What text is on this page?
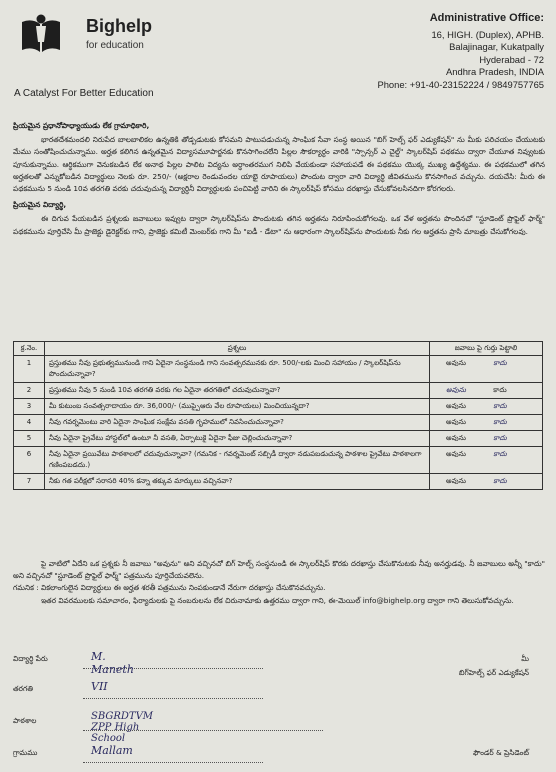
Bighelp
for education
A Catalyst For Better Education
Administrative Office:
16, HIGH. (Duplex), APHB.
Balajinagar, Kukatpally
Hyderabad - 72
Andhra Pradesh, INDIA
Phone: +91-40-23152224 / 9849757765

ప్రియమైన ప్రధానోపాధ్యాయుడు లేక గ్రామాధికారి,

భారతదేశమందలి నిరుపేద బాలబాలికల ఉన్నతికి తోడ్పడుటకు కోసమని పాటుపడుచున్న సాంఘిక సేవా సంస్థ అయిన "బిగ్ హెల్ప్ ఫర్ ఎడ్యుకేషన్" ను మీకు పరిచయం చేయుటకు మేము సంతోషించుచున్నాము. అర్హత కలిగిన ఉన్నతమైన విద్యాసమూపార్జనకు కొనసాగించలేని పిల్లల సౌకర్యార్థం వారికి "స్పాన్సర్ ఎ చైల్డ్" స్కాలర్‌షిప్ పథకము ద్వారా చేయూత నివ్వుటకు పూనుకున్నాము. ఆర్థికముగా వెనుకబడిన లేక అనాథ పిల్లల పాలిట విద్యను అర్థాంతరముగ నిలిపి వేయకుండా సహాయపడే ఈ పథకము యొక్క ముఖ్య ఉద్దేశ్యము. ఈ పథకములో తగిన అర్హతలతో ఎన్నుకోబడిన విద్యార్థులు నెలకు రూ. 250/- (అక్షరాల రెండువందల యాభై రూపాయలు) పొందుట ద్వారా వారి విద్యార్థి జీవితమును కొనసాగించ వచ్చును. దయచేసి: మీరు ఈ పథకమును 5 నుండి 10వ తరగతి వరకు చదువుచున్న విద్యార్థినీ విద్యార్థులకు పంచిపెట్టి వారిని ఈ స్కాలర్‌షిప్ కోసము దరఖాస్తు చేసుకోవలసినదిగా కోరగలరు.

ప్రియమైన విద్యార్థి,

ఈ దిగువ పేయబడిన ప్రశ్నలకు జవాబులు ఇవ్వుట ద్వారా స్కాలర్‌షిప్‌ను పొందుటకు తగిన అర్హతను నిరూపించుకోగలవు. ఒక వేళ అర్హతను పొందినచో "స్టూడెంట్ ప్రొఫైల్ ఫార్మ్" పథకమును పూర్తిచేసి మీ ప్రాజెక్టు డైరెక్టర్‌కు గాని, ప్రాజెక్టు కమిటీ మెంబర్‌కు గాని మీ "ఐడీ - డేటా" ను ఆధారంగా స్కాలర్‌షిప్‌ను పొందుటకు నీకు గల అర్హతను ప్రాసి మాబత్రు చేసుకోగలవు.

క్ర.నెం.	ప్రశ్నలు	జవాబు పై గుర్తు పెట్టాలి
1	ప్రస్తుతము నీవు ప్రభుత్వమునుండి గాని ఏదైనా సంస్థనుండి గాని సంవత్సరమునకు రూ. 500/-లకు మించి సహాయం / స్కాలర్‌షిప్‌ను పొందుచున్నావా?	అవును కాదు
2	ప్రస్తుతము నీవు 5 నుండి 10వ తరగతి వరకు గల ఏదైనా తరగతిలో చదువుచున్నావా?	అవును కాదు
3	మీ కుటుంబ సంవత్సరాదాయం రూ. 36,000/- (ముప్పైఆరు వేల రూపాయలు) మించియున్నదా?	అవును కాదు
4	నీవు గవర్నమెంటు వారి ఏదైనా సాంఘిక సంక్షేమ వసతి గృహములో నివసించుచున్నావా?	అవును కాదు
5	నీవు ఏదైనా ప్రైవేటు హాస్టల్‌లో ఉంటూ నీ వసతి, ఏర్పాటుకై ఏదైనా ఫీజు చెల్లించుచున్నావా?	అవును కాదు
6	నీవు ఏదైనా ప్రయివేటు పాఠశాలలో చదువుచున్నావా? (గమనిక - గవర్నమెంట్ సబ్సిడీ ద్వారా నడుపబడుచున్న పాఠశాల ప్రైవేటు పాఠశాలగా గణింపబడదు.)	అవును కాదు
7	నీకు గత పరీక్షలో సరాసరి 40% కన్నా తక్కువ మార్కులు వచ్చినవా?	అవును కాదు

పై వాటిలో ఏదేని ఒక ప్రశ్నకు నీ జవాబు "అవును" అని వచ్చినచో బిగ్ హెల్ప్ సంస్థనుండి ఈ స్కాలర్‌షిప్ కొరకు దరఖాస్తు చేసుకొనుటకు నీవు అనర్హుడవు. నీ జవాబులు అన్నీ "కాదు" అని వచ్చినచో "స్టూడెంట్ ప్రొఫైల్ ఫార్మ్" పత్రమును పూర్తిచేయవలెను.

గమనిక : వికలాంగులైన విద్యార్థులు ఈ అర్హత శరతీ పత్రమును నింపకుండానే నేరుగా దరఖాస్తు చేసుకొనవచ్చును.

ఇతర వివరములకు సమాచారం, ఫిర్యాదులకు పై నంబరులను లేక చిరునామాకు ఉత్తరము ద్వారా గాని, ఈ-మెయిల్ info@bighelp.org ద్వారా గాని తెలుసుకోవచ్చును.

విద్యార్థి పేరు	M. Maneth
తరగతి	VII
పాఠశాల	SBGRDTVM ZPP High School
గ్రామము	Mallam
మీ
బిగ్‌హెల్ప్ ఫర్ ఎడ్యుకేషన్
ఫౌండర్ & ప్రెసిడెంట్
